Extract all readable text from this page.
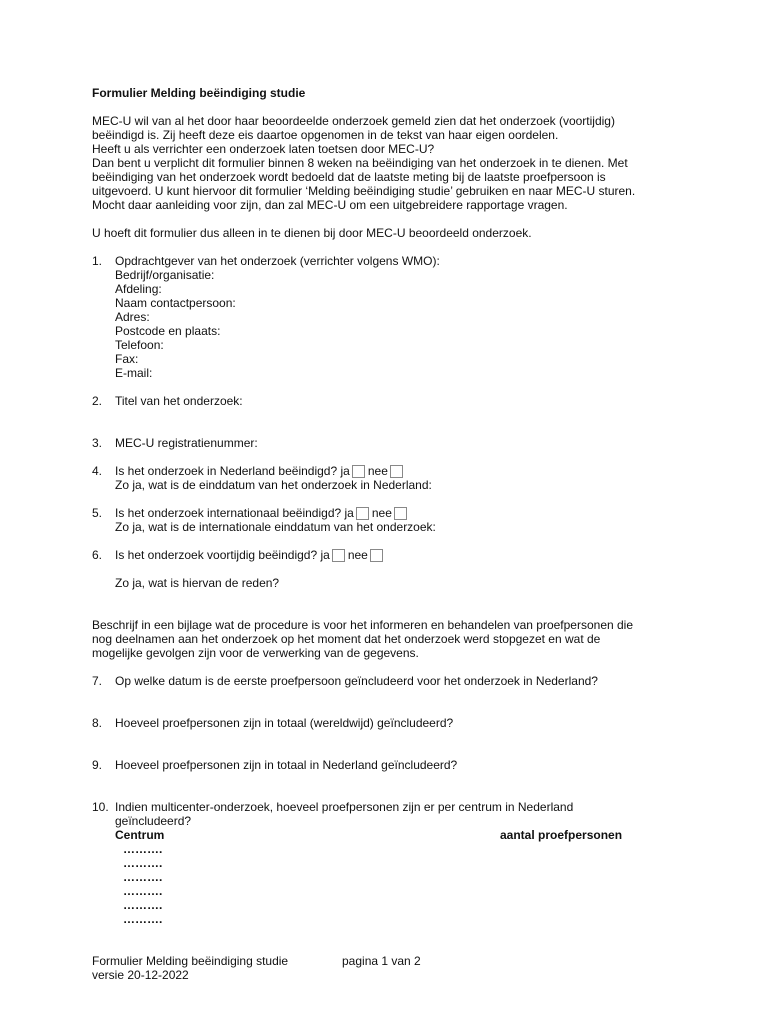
Formulier Melding beëindiging studie

MEC-U wil van al het door haar beoordeelde onderzoek gemeld zien dat het onderzoek (voortijdig)

beëindigd is. Zij heeft deze eis daartoe opgenomen in de tekst van haar eigen oordelen.

Heeft u als verrichter een onderzoek laten toetsen door MEC-U?

Dan bent u verplicht dit formulier binnen 8 weken na beëindiging van het onderzoek in te dienen. Met

beëindiging van het onderzoek wordt bedoeld dat de laatste meting bij de laatste proefpersoon is

uitgevoerd. U kunt hiervoor dit formulier ‘Melding beëindiging studie’ gebruiken en naar MEC-U sturen.

Mocht daar aanleiding voor zijn, dan zal MEC-U om een uitgebreidere rapportage vragen.

U hoeft dit formulier dus alleen in te dienen bij door MEC-U beoordeeld onderzoek.
1. Opdrachtgever van het onderzoek (verrichter volgens WMO):
Bedrijf/organisatie:
Afdeling:
Naam contactpersoon:
Adres:
Postcode en plaats:
Telefoon:
Fax:
E-mail:
2. Titel van het onderzoek:
3. MEC-U registratienummer:
4. Is het onderzoek in Nederland beëindigd? ja nee
Zo ja, wat is de einddatum van het onderzoek in Nederland:
5. Is het onderzoek internationaal beëindigd? ja nee
Zo ja, wat is de internationale einddatum van het onderzoek:
6. Is het onderzoek voortijdig beëindigd? ja nee
Zo ja, wat is hiervan de reden?

Beschrijf in een bijlage wat de procedure is voor het informeren en behandelen van proefpersonen die

nog deelnamen aan het onderzoek op het moment dat het onderzoek werd stopgezet en wat de

mogelijke gevolgen zijn voor de verwerking van de gegevens.

7. Op welke datum is de eerste proefpersoon geïncludeerd voor het onderzoek in Nederland?
8. Hoeveel proefpersonen zijn in totaal (wereldwijd) geïncludeerd?
9. Hoeveel proefpersonen zijn in totaal in Nederland geïncludeerd?
10. Indien multicenter-onderzoek, hoeveel proefpersonen zijn er per centrum in Nederland
geïncludeerd?
Centrum	aantal proefpersonen
……….
……….
……….
……….
……….
……….
Formulier Melding beëindiging studie	pagina 1 van 2
versie 20-12-2022
